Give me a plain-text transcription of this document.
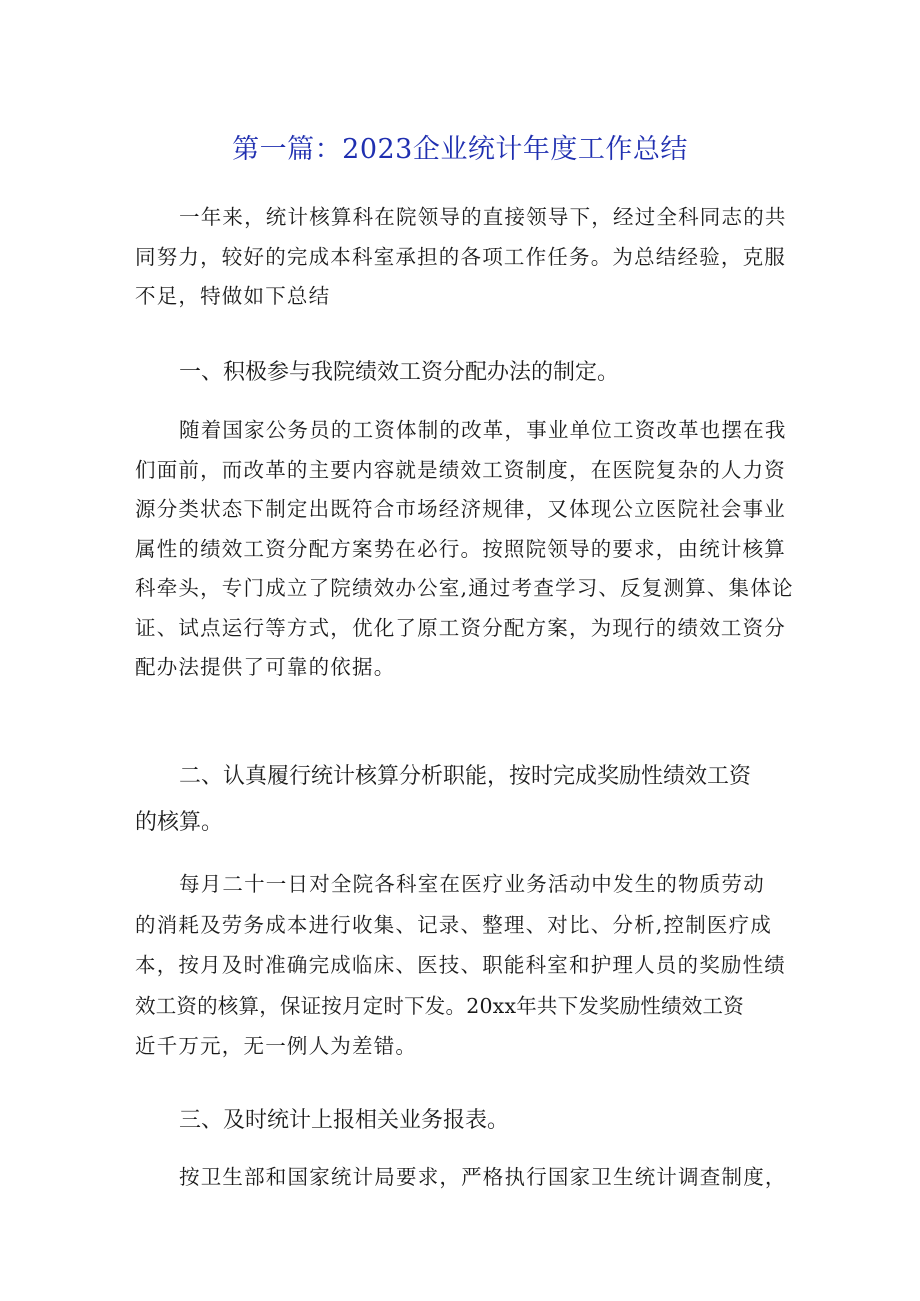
第一篇：2023企业统计年度工作总结
一年来，统计核算科在院领导的直接领导下，经过全科同志的共
同努力，较好的完成本科室承担的各项工作任务。为总结经验，克服
不足，特做如下总结
一、积极参与我院绩效工资分配办法的制定。
随着国家公务员的工资体制的改革，事业单位工资改革也摆在我
们面前，而改革的主要内容就是绩效工资制度，在医院复杂的人力资
源分类状态下制定出既符合市场经济规律，又体现公立医院社会事业
属性的绩效工资分配方案势在必行。按照院领导的要求，由统计核算
科牵头，专门成立了院绩效办公室,通过考查学习、反复测算、集体论
证、试点运行等方式，优化了原工资分配方案，为现行的绩效工资分
配办法提供了可靠的依据。
二、认真履行统计核算分析职能，按时完成奖励性绩效工资
的核算。
每月二十一日对全院各科室在医疗业务活动中发生的物质劳动
的消耗及劳务成本进行收集、记录、整理、对比、分析,控制医疗成
本，按月及时准确完成临床、医技、职能科室和护理人员的奖励性绩
效工资的核算，保证按月定时下发。20xx年共下发奖励性绩效工资
近千万元，无一例人为差错。
三、及时统计上报相关业务报表。
按卫生部和国家统计局要求，严格执行国家卫生统计调查制度，
